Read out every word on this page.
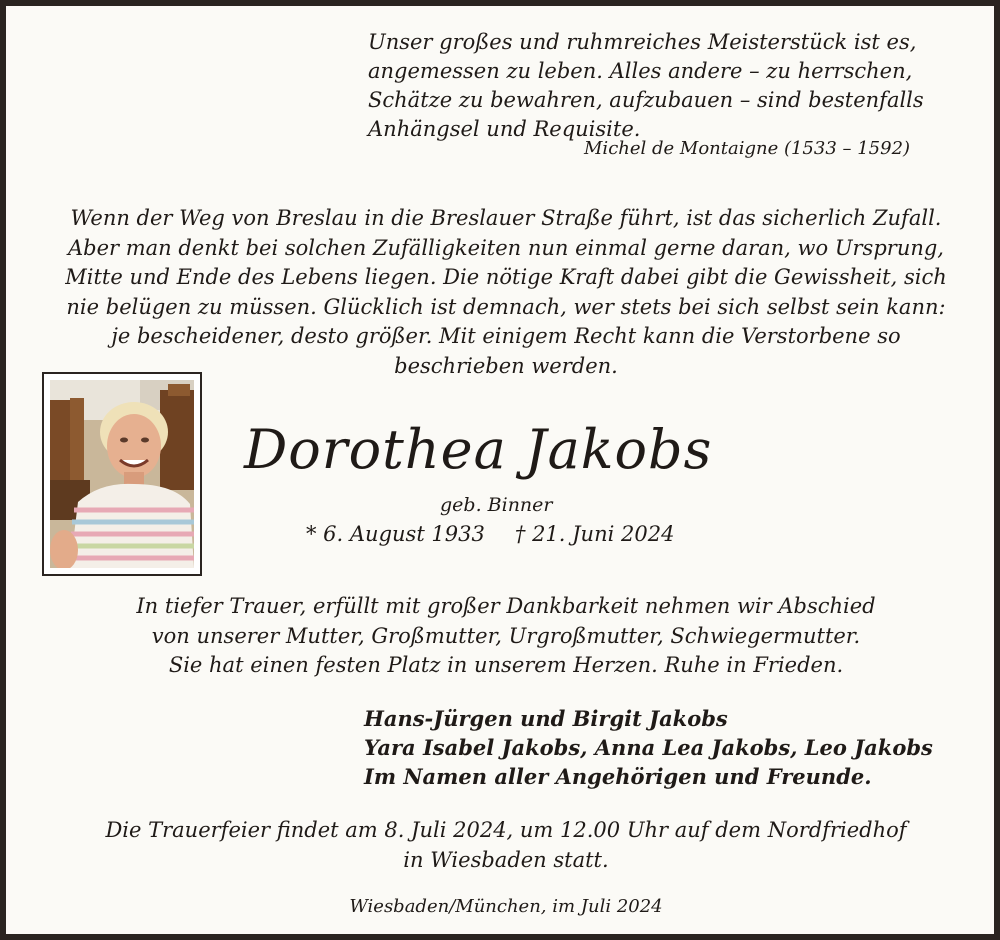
Unser großes und ruhmreiches Meisterstück ist es,
angemessen zu leben. Alles andere – zu herrschen,
Schätze zu bewahren, aufzubauen – sind bestenfalls
Anhängsel und Requisite.
Michel de Montaigne (1533 – 1592)
Wenn der Weg von Breslau in die Breslauer Straße führt, ist das sicherlich Zufall.
Aber man denkt bei solchen Zufälligkeiten nun einmal gerne daran, wo Ursprung,
Mitte und Ende des Lebens liegen. Die nötige Kraft dabei gibt die Gewissheit, sich
nie belügen zu müssen. Glücklich ist demnach, wer stets bei sich selbst sein kann:
je bescheidener, desto größer. Mit einigem Recht kann die Verstorbene so
beschrieben werden.
Dorothea Jakobs
geb. Binner
* 6. August 1933 † 21. Juni 2024
In tiefer Trauer, erfüllt mit großer Dankbarkeit nehmen wir Abschied
von unserer Mutter, Großmutter, Urgroßmutter, Schwiegermutter.
Sie hat einen festen Platz in unserem Herzen. Ruhe in Frieden.
Hans-Jürgen und Birgit Jakobs
Yara Isabel Jakobs, Anna Lea Jakobs, Leo Jakobs
Im Namen aller Angehörigen und Freunde.
Die Trauerfeier findet am 8. Juli 2024, um 12.00 Uhr auf dem Nordfriedhof
in Wiesbaden statt.
Wiesbaden/München, im Juli 2024
